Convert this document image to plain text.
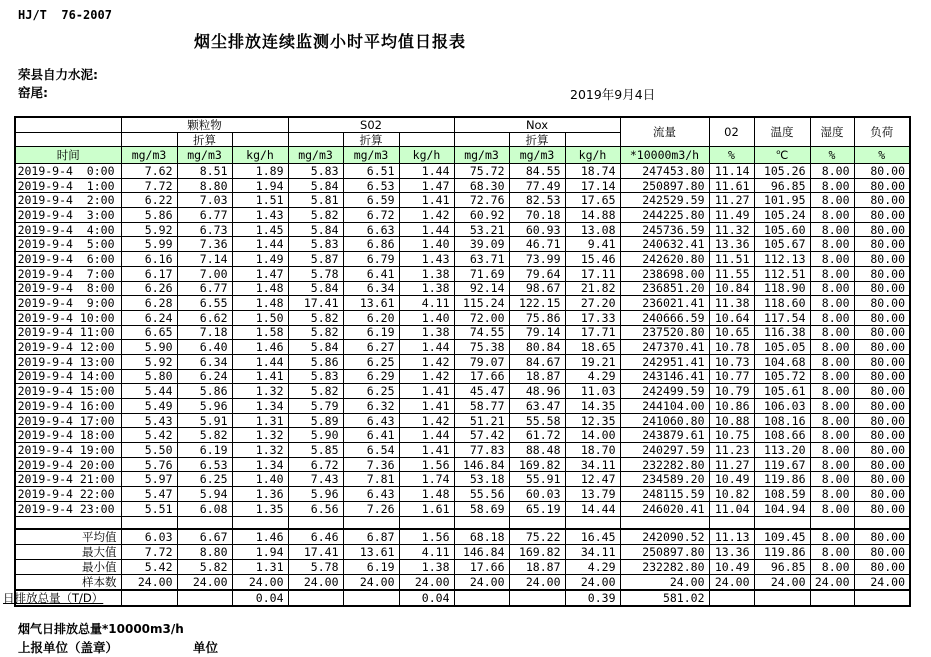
HJ/T  76-2007
烟尘排放连续监测小时平均值日报表
荣县自力水泥:
窑尾:	2019年9月4日
	颗粒物			S02			Nox			流量	02	温度	湿度	负荷
		折算			折算			折算						
时间	mg/m3	mg/m3	kg/h	mg/m3	mg/m3	kg/h	mg/m3	mg/m3	kg/h	*10000m3/h	%	℃	%	%
2019-9-4  0:00	7.62	8.51	1.89	5.83	6.51	1.44	75.72	84.55	18.74	247453.80	11.14	105.26	8.00	80.00
2019-9-4  1:00	7.72	8.80	1.94	5.84	6.53	1.47	68.30	77.49	17.14	250897.80	11.61	96.85	8.00	80.00
2019-9-4  2:00	6.22	7.03	1.51	5.81	6.59	1.41	72.76	82.53	17.65	242529.59	11.27	101.95	8.00	80.00
2019-9-4  3:00	5.86	6.77	1.43	5.82	6.72	1.42	60.92	70.18	14.88	244225.80	11.49	105.24	8.00	80.00
2019-9-4  4:00	5.92	6.73	1.45	5.84	6.63	1.44	53.21	60.93	13.08	245736.59	11.32	105.60	8.00	80.00
2019-9-4  5:00	5.99	7.36	1.44	5.83	6.86	1.40	39.09	46.71	9.41	240632.41	13.36	105.67	8.00	80.00
2019-9-4  6:00	6.16	7.14	1.49	5.87	6.79	1.43	63.71	73.99	15.46	242620.80	11.51	112.13	8.00	80.00
2019-9-4  7:00	6.17	7.00	1.47	5.78	6.41	1.38	71.69	79.64	17.11	238698.00	11.55	112.51	8.00	80.00
2019-9-4  8:00	6.26	6.77	1.48	5.84	6.34	1.38	92.14	98.67	21.82	236851.20	10.84	118.90	8.00	80.00
2019-9-4  9:00	6.28	6.55	1.48	17.41	13.61	4.11	115.24	122.15	27.20	236021.41	11.38	118.60	8.00	80.00
2019-9-4 10:00	6.24	6.62	1.50	5.82	6.20	1.40	72.00	75.86	17.33	240666.59	10.64	117.54	8.00	80.00
2019-9-4 11:00	6.65	7.18	1.58	5.82	6.19	1.38	74.55	79.14	17.71	237520.80	10.65	116.38	8.00	80.00
2019-9-4 12:00	5.90	6.40	1.46	5.84	6.27	1.44	75.38	80.84	18.65	247370.41	10.78	105.05	8.00	80.00
2019-9-4 13:00	5.92	6.34	1.44	5.86	6.25	1.42	79.07	84.67	19.21	242951.41	10.73	104.68	8.00	80.00
2019-9-4 14:00	5.80	6.24	1.41	5.83	6.29	1.42	17.66	18.87	4.29	243146.41	10.77	105.72	8.00	80.00
2019-9-4 15:00	5.44	5.86	1.32	5.82	6.25	1.41	45.47	48.96	11.03	242499.59	10.79	105.61	8.00	80.00
2019-9-4 16:00	5.49	5.96	1.34	5.79	6.32	1.41	58.77	63.47	14.35	244104.00	10.86	106.03	8.00	80.00
2019-9-4 17:00	5.43	5.91	1.31	5.89	6.43	1.42	51.21	55.58	12.35	241060.80	10.88	108.16	8.00	80.00
2019-9-4 18:00	5.42	5.82	1.32	5.90	6.41	1.44	57.42	61.72	14.00	243879.61	10.75	108.66	8.00	80.00
2019-9-4 19:00	5.50	6.19	1.32	5.85	6.54	1.41	77.83	88.48	18.70	240297.59	11.23	113.20	8.00	80.00
2019-9-4 20:00	5.76	6.53	1.34	6.72	7.36	1.56	146.84	169.82	34.11	232282.80	11.27	119.67	8.00	80.00
2019-9-4 21:00	5.97	6.25	1.40	7.43	7.81	1.74	53.18	55.91	12.47	234589.20	10.49	119.86	8.00	80.00
2019-9-4 22:00	5.47	5.94	1.36	5.96	6.43	1.48	55.56	60.03	13.79	248115.59	10.82	108.59	8.00	80.00
2019-9-4 23:00	5.51	6.08	1.35	6.56	7.26	1.61	58.69	65.19	14.44	246020.41	11.04	104.94	8.00	80.00

平均值	6.03	6.67	1.46	6.46	6.87	1.56	68.18	75.22	16.45	242090.52	11.13	109.45	8.00	80.00
最大值	7.72	8.80	1.94	17.41	13.61	4.11	146.84	169.82	34.11	250897.80	13.36	119.86	8.00	80.00
最小值	5.42	5.82	1.31	5.78	6.19	1.38	17.66	18.87	4.29	232282.80	10.49	96.85	8.00	80.00
样本数	24.00	24.00	24.00	24.00	24.00	24.00	24.00	24.00	24.00	24.00	24.00	24.00	24.00	24.00
日排放总量（T/D）			0.04			0.04			0.39	581.02				
烟气日排放总量*10000m3/h
上报单位（盖章）	单位
